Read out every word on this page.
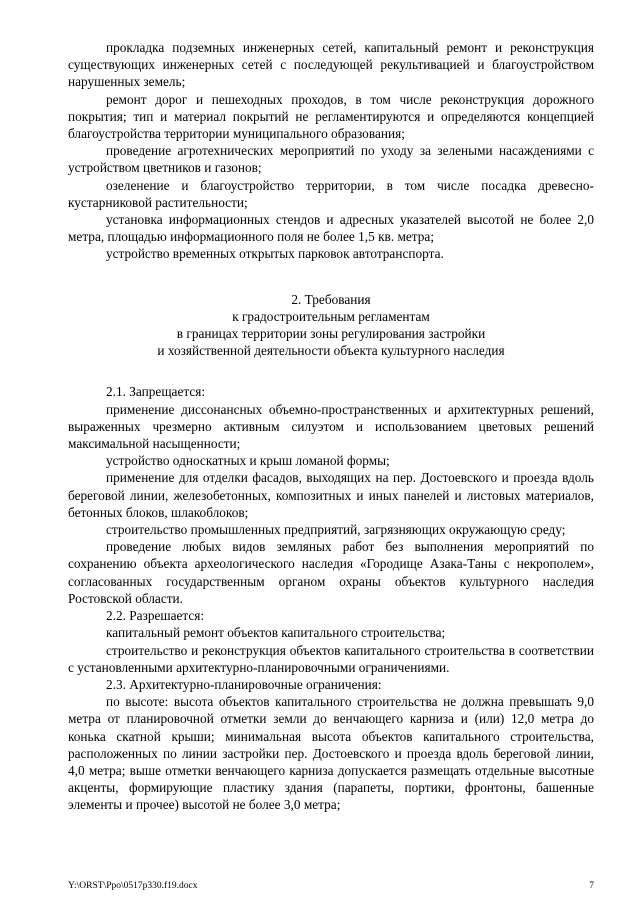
прокладка подземных инженерных сетей, капитальный ремонт и реконструкция существующих инженерных сетей с последующей рекультивацией и благоустройством нарушенных земель;

ремонт дорог и пешеходных проходов, в том числе реконструкция дорожного покрытия; тип и материал покрытий не регламентируются и определяются концепцией благоустройства территории муниципального образования;

проведение агротехнических мероприятий по уходу за зелеными насаждениями с устройством цветников и газонов;

озеленение и благоустройство территории, в том числе посадка древесно-кустарниковой растительности;

установка информационных стендов и адресных указателей высотой не более 2,0 метра, площадью информационного поля не более 1,5 кв. метра;

устройство временных открытых парковок автотранспорта.

2. Требования
к градостроительным регламентам
в границах территории зоны регулирования застройки
и хозяйственной деятельности объекта культурного наследия

2.1. Запрещается:

применение диссонансных объемно-пространственных и архитектурных решений, выраженных чрезмерно активным силуэтом и использованием цветовых решений максимальной насыщенности;

устройство односкатных и крыш ломаной формы;

применение для отделки фасадов, выходящих на пер. Достоевского и проезда вдоль береговой линии, железобетонных, композитных и иных панелей и листовых материалов, бетонных блоков, шлакоблоков;

строительство промышленных предприятий, загрязняющих окружающую среду;

проведение любых видов земляных работ без выполнения мероприятий по сохранению объекта археологического наследия «Городище Азака-Таны с некрополем», согласованных государственным органом охраны объектов культурного наследия Ростовской области.

2.2. Разрешается:

капитальный ремонт объектов капитального строительства;

строительство и реконструкция объектов капитального строительства в соответствии с установленными архитектурно-планировочными ограничениями.

2.3. Архитектурно-планировочные ограничения:

по высоте: высота объектов капитального строительства не должна превышать 9,0 метра от планировочной отметки земли до венчающего карниза и (или) 12,0 метра до конька скатной крыши; минимальная высота объектов капитального строительства, расположенных по линии застройки пер. Достоевского и проезда вдоль береговой линии, 4,0 метра; выше отметки венчающего карниза допускается размещать отдельные высотные акценты, формирующие пластику здания (парапеты, портики, фронтоны, башенные элементы и прочее) высотой не более 3,0 метра;

Y:\ORST\Ppo\0517p330.f19.docx	7
